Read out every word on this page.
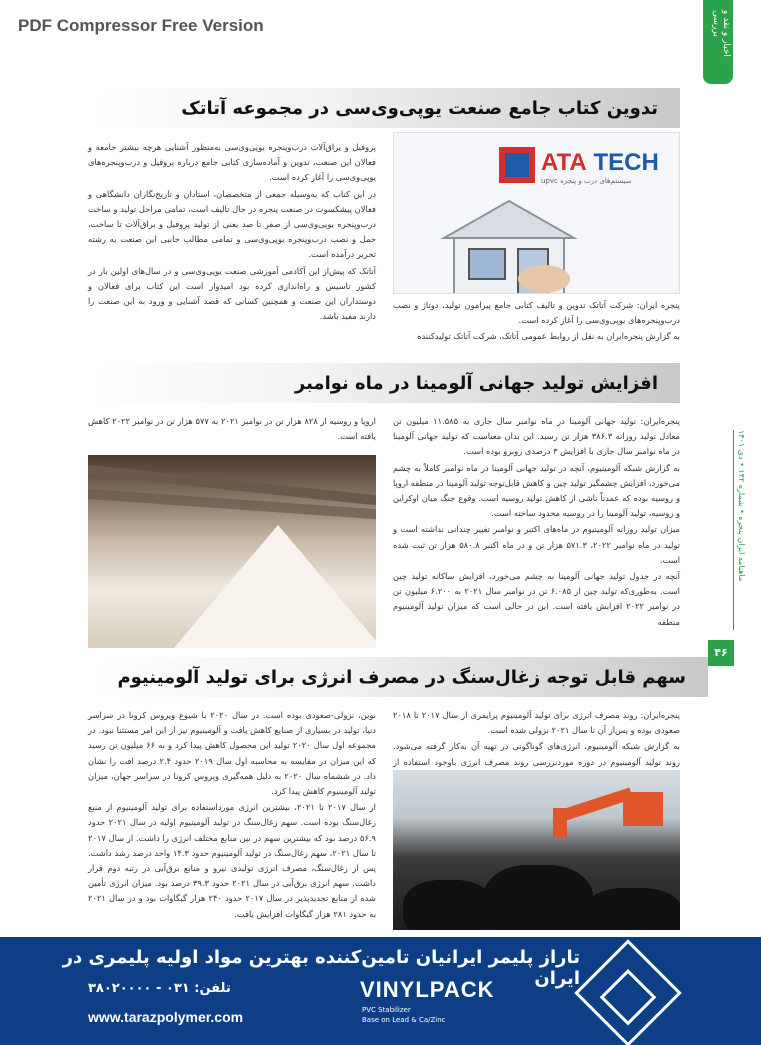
PDF Compressor Free Version	اخبار و نقد و بررسی
ماهنامه ایران پنجره • شماره ۱۴۲ • دی ۱۴۰۱
۴۶
تدوین کتاب جامع صنعت یو‌پی‌وی‌سی در مجموعه آتاتک

پروفیل و یراق‌آلات درب‌وپنجره یوپی‌وی‌سی به‌منظور آشنایی هرچه بیشتر جامعه و فعالان این صنعت، تدوین و آماده‌سازی کتابی جامع درباره پروفیل و درب‌وپنجره‌های یوپی‌وی‌سی را آغاز کرده است.

در این کتاب که به‌وسیله جمعی از متخصصان، استادان و تاریخ‌نگاران دانشگاهی و فعالان پیشکسوت در صنعت پنجره در حال تالیف است، تمامی مراحل تولید و ساخت درب‌وپنجره یوپی‌وی‌سی از صفر تا صد یعنی از تولید پروفیل و یراق‌آلات تا ساخت، حمل و نصب درب‌وپنجره یوپی‌وی‌سی و تمامی مطالب جانبی این صنعت به رشته تحریر درآمده است.

آتاتک که پیش‌از این آکادمی آموزشی صنعت یوپی‌وی‌سی و در سال‌های اولین بار در کشور تاسیس و راه‌اندازی کرده بود امیدوار است این کتاب برای فعالان و دوستداران این صنعت و همچنین کسانی که قصد آشنایی و ورود به این صنعت را دارند مفید باشد.

ATA TECH
سیستم‌های درب و پنجره upvc

پنجره ایران: شرکت آتاتک تدوین و تالیف کتابی جامع پیرامون تولید، دوتاژ و نصب درب‌وپنجره‌های یوپی‌وی‌سی را آغاز کرده است.

به گزارش پنجره‌ایران به نقل از روابط عمومی آتاتک، شرکت آتاتک تولیدکننده

افزایش تولید جهانی آلومینا در ماه نوامبر

پنجره‌ایران: تولید جهانی آلومینا در ماه نوامبر سال جاری به ۱۱.۵۸۵ میلیون تن معادل تولید روزانه ۳۸۶.۳ هزار تن رسید. این بدان معناست که تولید جهانی آلومینا در ماه نوامبر سال جاری با افزایش ۳ درصدی روبرو بوده است.

به گزارش شبکه آلومینیوم، آنچه در تولید جهانی آلومینا در ماه نوامبر کاملاً به چشم می‌خورد، افزایش چشمگیر تولید چین و کاهش قابل‌توجه تولید آلومینا در منطقه اروپا و روسیه بوده که عمدتاً ناشی از کاهش تولید روسیه است. وقوع جنگ میان اوکراین و روسیه، تولید آلومینا را در روسیه محدود ساخته است.

میزان تولید روزانه آلومینیوم در ماه‌های اکتبر و نوامبر تغییر چندانی نداشته است و تولید در ماه نوامبر ۲۰۲۲، ۵۷۱.۳ هزار تن و در ماه اکتبر ۵۸۰.۸ هزار تن ثبت شده است.

آنچه در جدول تولید جهانی آلومینا به چشم می‌خورد، افزایش ساکانه تولید چین است. به‌طوری‌که تولید چین از ۶.۰۸۵ تن در نوامبر سال ۲۰۲۱ به ۶.۲۰۰ میلیون تن در نوامبر ۲۰۲۲ افزایش یافته است. این در حالی است که میزان تولید آلومینیوم منطقه

اروپا و روسیه از ۸۲۸ هزار تن در نوامبر ۲۰۲۱ به ۵۷۷ هزار تن در نوامبر ۲۰۲۲ کاهش یافته است.

سهم قابل توجه زغال‌سنگ در مصرف انرژی برای تولید آلومینیوم

پنجره‌ایران: روند مصرف انرژی برای تولید آلومینیوم پرایمری از سال ۲۰۱۷ تا ۲۰۱۸ صعودی بوده و پس‌از آن تا سال ۲۰۲۱ نزولی شده است.

به گزارش شبکه آلومینیوم، انرژی‌های گوناگونی در تهیه آن به‌کار گرفته می‌شود. روند تولید آلومینیوم در دوره موردبررسی روند مصرف انرژی باوجود استفاده از

نوین، نزولی-صعودی بوده است. در سال ۲۰۲۰ با شیوع ویروس کرونا در سراسر دنیا، تولید در بسیاری از صنایع کاهش یافت و آلومینیوم نیز از این امر مستثنا نبود. در مجموعه اول سال ۲۰۲۰ تولید این محصول کاهش پیدا کرد و به ۶۶ میلیون تن رسید که این میزان در مقایسه به محاسبه اول سال ۲۰۱۹ حدود ۲.۴ درصد افت را نشان داد. در ششماه سال ۲۰۲۰ به دلیل همه‌گیری ویروس کرونا در سراسر جهان، میزان تولید آلومینیوم کاهش پیدا کرد.

از سال ۲۰۱۷ تا ۲۰۲۱، بیشترین انرژی مورداستفاده برای تولید آلومینیوم از منبع زغال‌سنگ بوده است. سهم زغال‌سنگ در تولید آلومینیوم اولیه در سال ۲۰۲۱ حدود ۵۶.۹ درصد بود که بیشترین سهم در بین منابع مختلف انرژی را داشت. از سال ۲۰۱۷ تا سال ۲۰۲۱، سهم زغال‌سنگ در تولید آلومینیوم حدود ۱۴.۳ واحد درصد رشد داشت. پس از زغال‌سنگ، مصرف انرژی تولیدی نیرو و منابع برق‌آبی در رتبه دوم قرار داشت. سهم انرژی برق‌آبی در سال ۲۰۲۱ حدود ۳۹.۳ درصد بود. میزان انرژی تأمین شده از منابع تجدیدپذیر در سال ۲۰۱۷ حدود ۲۴۰ هزار گیگاوات بود و در سال ۲۰۲۱ به حدود ۲۸۱ هزار گیگاوات افزایش یافت.

تاراز پلیمر ایرانیان تامین‌کننده بهترین مواد اولیه پلیمری در ایران
VINYLPACK
PVC Stabilizer
Base on Lead & Ca/Zinc
تلفن: ۰۳۱ - ۳۸۰۲۰۰۰۰
www.tarazpolymer.com
